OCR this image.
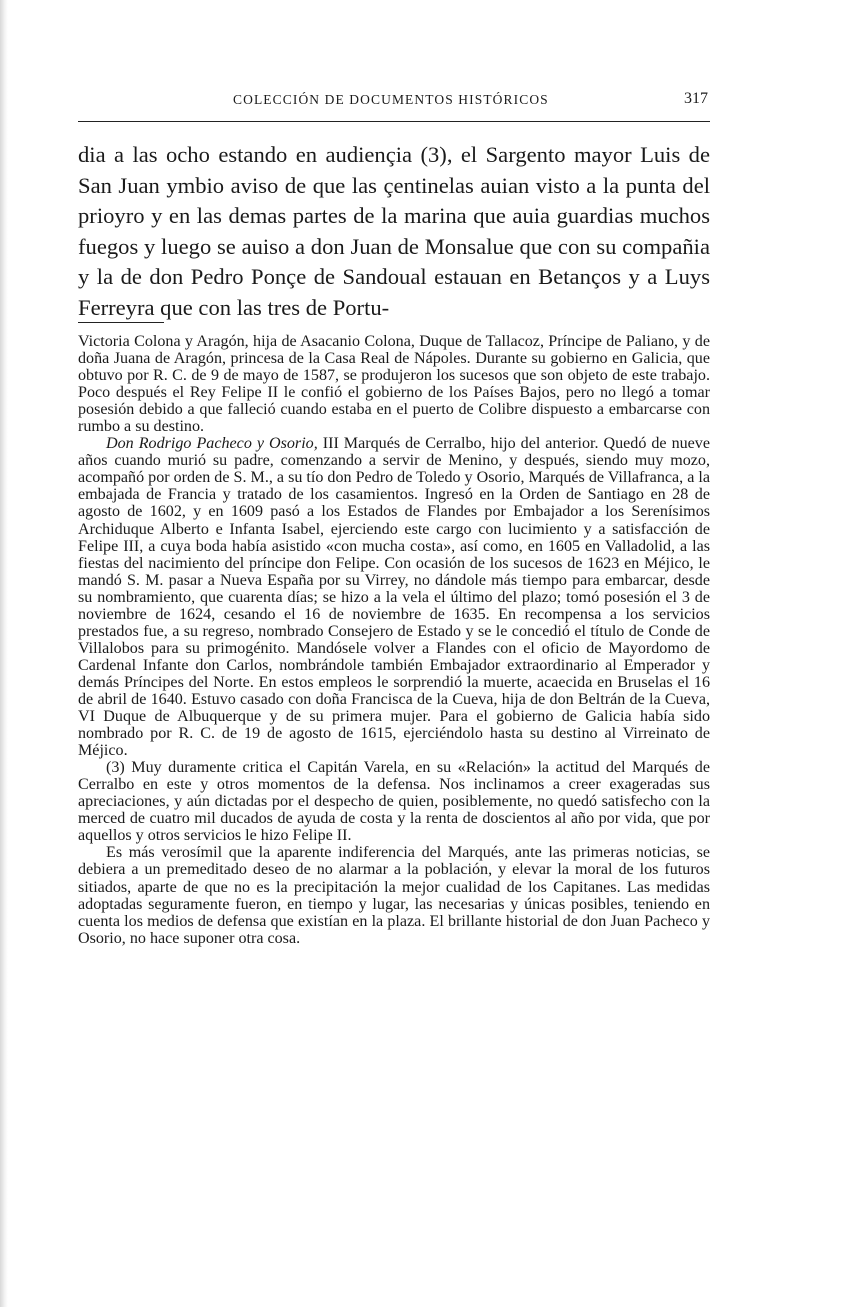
COLECCIÓN DE DOCUMENTOS HISTÓRICOS	317

dia a las ocho estando en audiençia (3), el Sargento mayor Luis de San Juan ymbio aviso de que las çentinelas auian visto a la punta del prioyro y en las demas partes de la marina que auia guardias muchos fuegos y luego se auiso a don Juan de Monsalue que con su compañia y la de don Pedro Ponçe de Sandoual estauan en Betanços y a Luys Ferreyra que con las tres de Portu-

Victoria Colona y Aragón, hija de Asacanio Colona, Duque de Tallacoz, Príncipe de Paliano, y de doña Juana de Aragón, princesa de la Casa Real de Nápoles. Durante su gobierno en Galicia, que obtuvo por R. C. de 9 de mayo de 1587, se produjeron los sucesos que son objeto de este trabajo. Poco después el Rey Felipe II le confió el gobierno de los Países Bajos, pero no llegó a tomar posesión debido a que falleció cuando estaba en el puerto de Colibre dispuesto a embarcarse con rumbo a su destino.

Don Rodrigo Pacheco y Osorio, III Marqués de Cerralbo, hijo del anterior. Quedó de nueve años cuando murió su padre, comenzando a servir de Menino, y después, siendo muy mozo, acompañó por orden de S. M., a su tío don Pedro de Toledo y Osorio, Marqués de Villafranca, a la embajada de Francia y tratado de los casamientos. Ingresó en la Orden de Santiago en 28 de agosto de 1602, y en 1609 pasó a los Estados de Flandes por Embajador a los Serenísimos Archiduque Alberto e Infanta Isabel, ejerciendo este cargo con lucimiento y a satisfacción de Felipe III, a cuya boda había asistido «con mucha costa», así como, en 1605 en Valladolid, a las fiestas del nacimiento del príncipe don Felipe. Con ocasión de los sucesos de 1623 en Méjico, le mandó S. M. pasar a Nueva España por su Virrey, no dándole más tiempo para embarcar, desde su nombramiento, que cuarenta días; se hizo a la vela el último del plazo; tomó posesión el 3 de noviembre de 1624, cesando el 16 de noviembre de 1635. En recompensa a los servicios prestados fue, a su regreso, nombrado Consejero de Estado y se le concedió el título de Conde de Villalobos para su primogénito. Mandósele volver a Flandes con el oficio de Mayordomo de Cardenal Infante don Carlos, nombrándole también Embajador extraordinario al Emperador y demás Príncipes del Norte. En estos empleos le sorprendió la muerte, acaecida en Bruselas el 16 de abril de 1640. Estuvo casado con doña Francisca de la Cueva, hija de don Beltrán de la Cueva, VI Duque de Albuquerque y de su primera mujer. Para el gobierno de Galicia había sido nombrado por R. C. de 19 de agosto de 1615, ejerciéndolo hasta su destino al Virreinato de Méjico.

(3) Muy duramente critica el Capitán Varela, en su «Relación» la actitud del Marqués de Cerralbo en este y otros momentos de la defensa. Nos inclinamos a creer exageradas sus apreciaciones, y aún dictadas por el despecho de quien, posiblemente, no quedó satisfecho con la merced de cuatro mil ducados de ayuda de costa y la renta de doscientos al año por vida, que por aquellos y otros servicios le hizo Felipe II.

Es más verosímil que la aparente indiferencia del Marqués, ante las primeras noticias, se debiera a un premeditado deseo de no alarmar a la población, y elevar la moral de los futuros sitiados, aparte de que no es la precipitación la mejor cualidad de los Capitanes. Las medidas adoptadas seguramente fueron, en tiempo y lugar, las necesarias y únicas posibles, teniendo en cuenta los medios de defensa que existían en la plaza. El brillante historial de don Juan Pacheco y Osorio, no hace suponer otra cosa.
